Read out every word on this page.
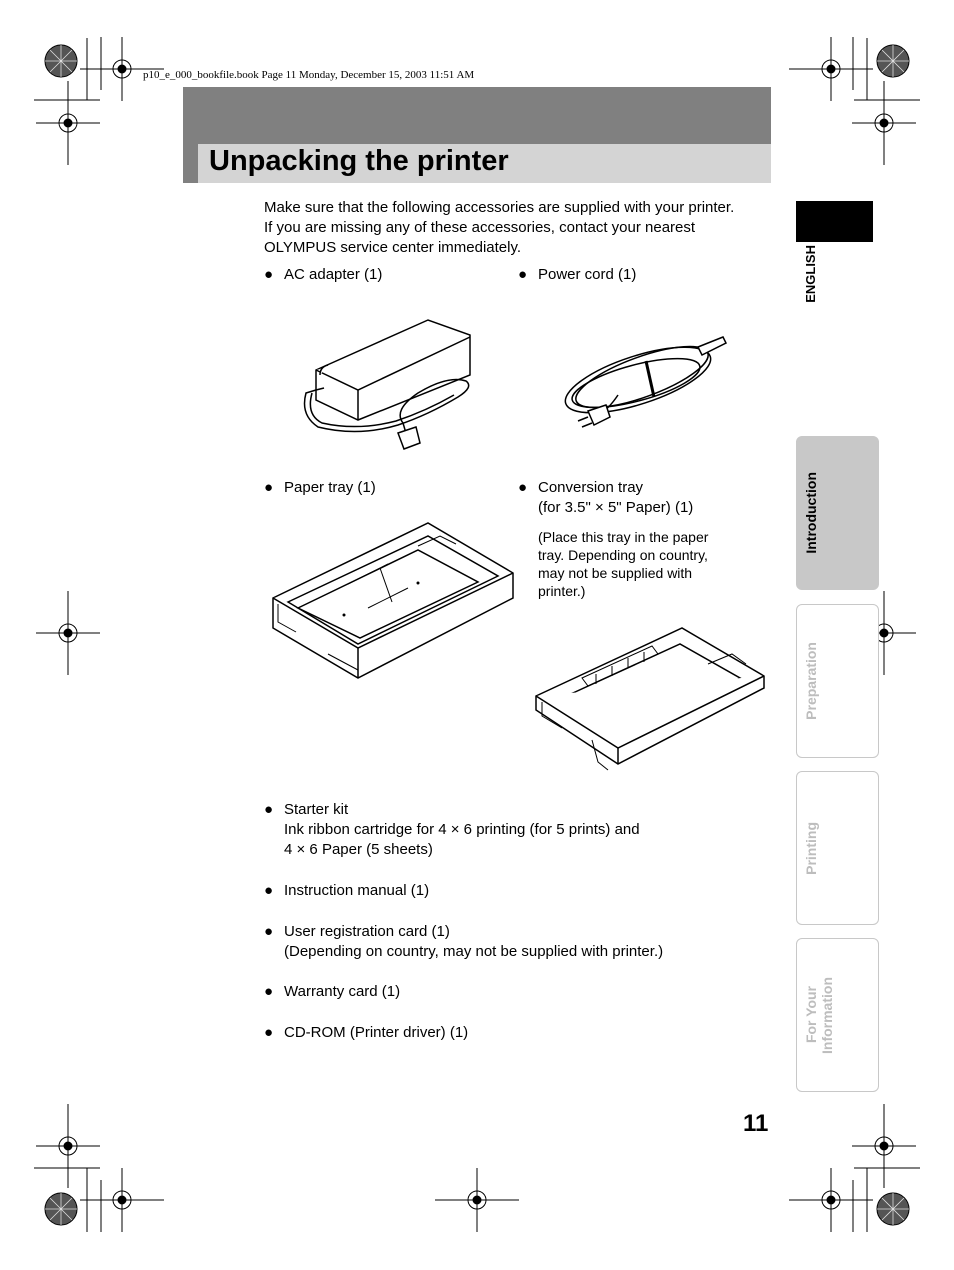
p10_e_000_bookfile.book Page 11 Monday, December 15, 2003 11:51 AM
Unpacking the printer
Make sure that the following accessories are supplied with your printer.
If you are missing any of these accessories, contact your nearest
OLYMPUS service center immediately.
● AC adapter (1)	● Power cord (1)
● Paper tray (1)	● Conversion tray
(for 3.5" × 5" Paper) (1)
(Place this tray in the paper
tray. Depending on country,
may not be supplied with
printer.)
● Starter kit
Ink ribbon cartridge for 4 × 6 printing (for 5 prints) and
4 × 6 Paper (5 sheets)
● Instruction manual (1)
● User registration card (1)
(Depending on country, may not be supplied with printer.)
● Warranty card (1)
● CD-ROM (Printer driver) (1)
ENGLISH
Introduction
Preparation
Printing
For Your Information
11
